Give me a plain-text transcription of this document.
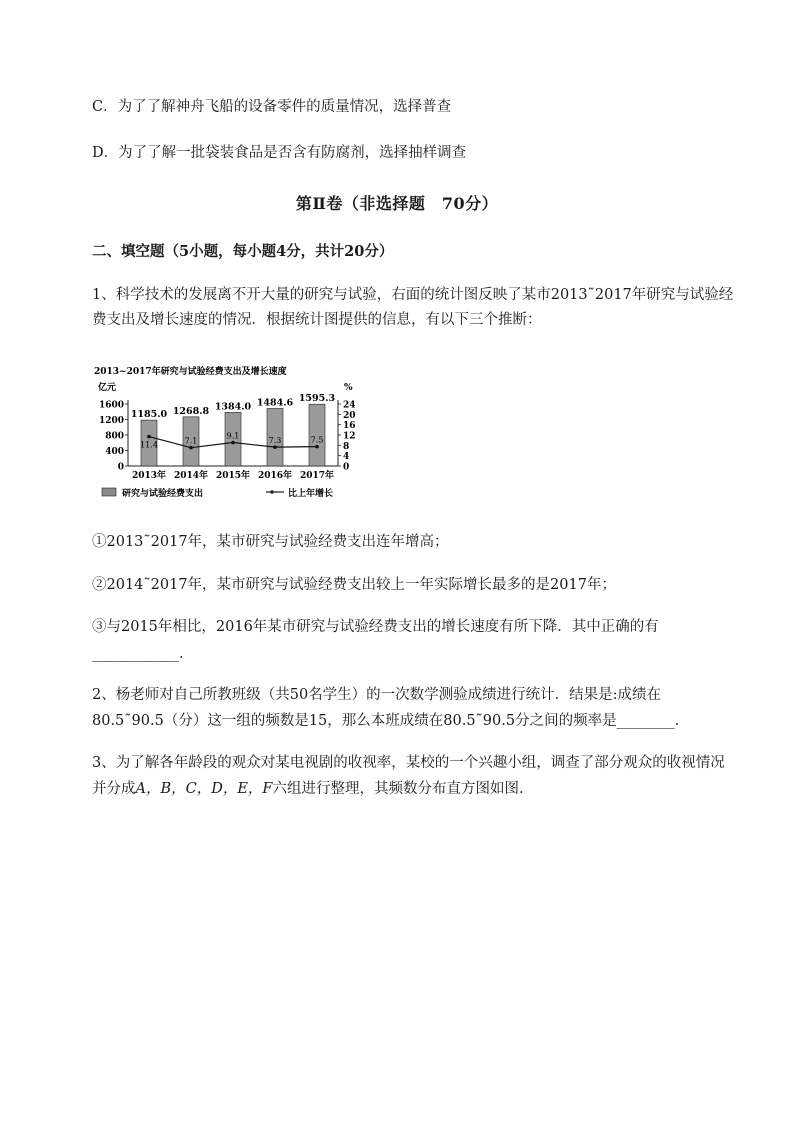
C．为了了解神舟飞船的设备零件的质量情况，选择普查
D．为了了解一批袋装食品是否含有防腐剂，选择抽样调查
第Ⅱ卷（非选择题　70分）
二、填空题（5小题，每小题4分，共计20分）
1、科学技术的发展离不开大量的研究与试验，右面的统计图反映了某市2013˜2017年研究与试验经
费支出及增长速度的情况．根据统计图提供的信息，有以下三个推断：
2013~2017年研究与试验经费支出及增长速度
亿元	%
0
400
800
1200
1600
0
4
8
12
16
20
24
1185.0 1268.8 1384.0 1484.6 1595.3
11.4	7.1
9.1
7.3	7.5
2013年 2014年 2015年 2016年 2017年
研究与试验经费支出	比上年增长
①2013˜2017年，某市研究与试验经费支出连年增高；
②2014˜2017年，某市研究与试验经费支出较上一年实际增长最多的是2017年；
③与2015年相比，2016年某市研究与试验经费支出的增长速度有所下降．其中正确的有
____________.
2、杨老师对自己所教班级（共50名学生）的一次数学测验成绩进行统计．结果是:成绩在
80.5˜90.5（分）这一组的频数是15，那么本班成绩在80.5˜90.5分之间的频率是________.
3、为了解各年龄段的观众对某电视剧的收视率，某校的一个兴趣小组，调查了部分观众的收视情况
并分成A，B，C，D，E，F六组进行整理，其频数分布直方图如图．
